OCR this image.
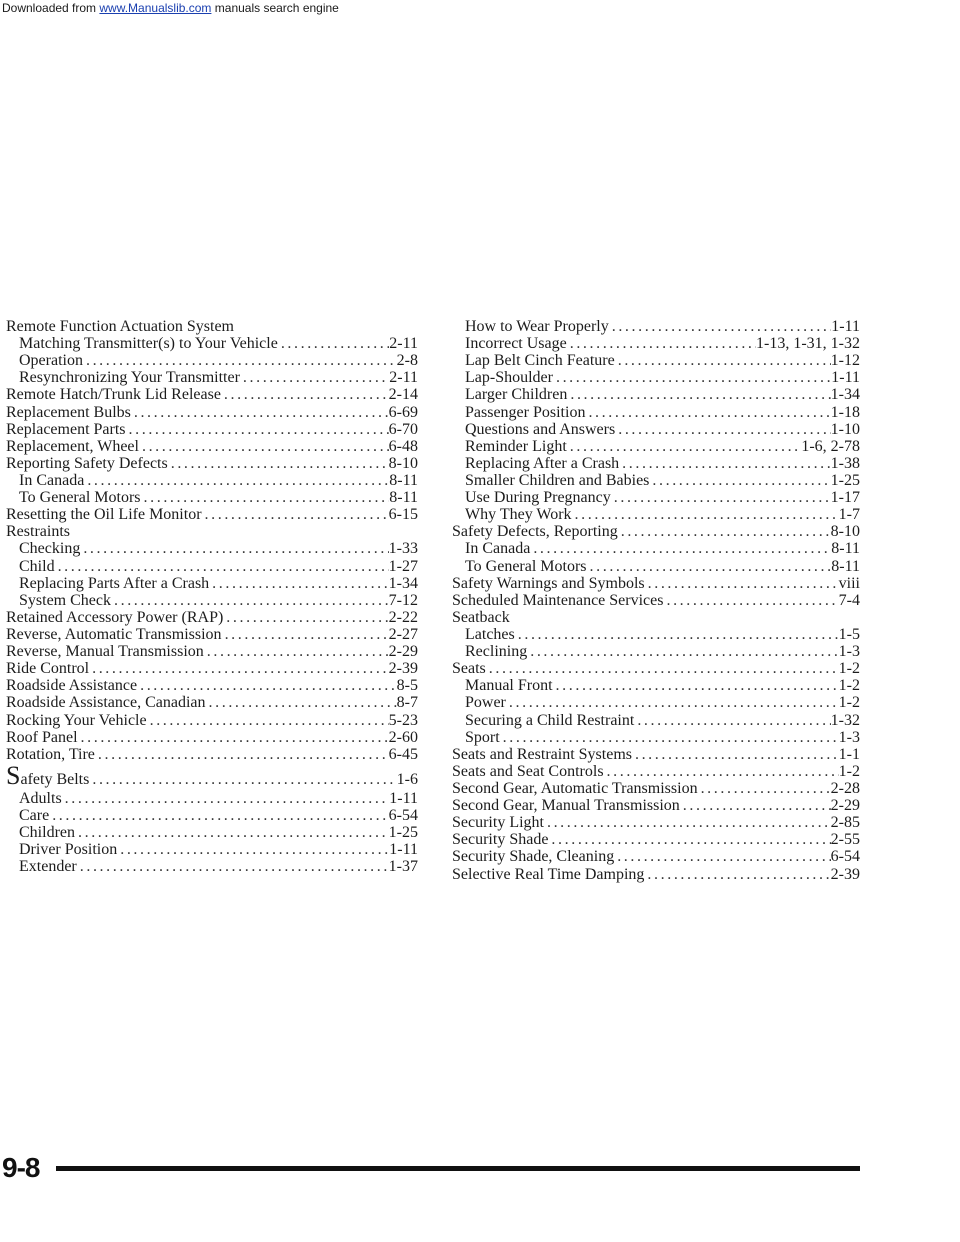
Downloaded from www.Manualslib.com manuals search engine
Remote Function Actuation System
Matching Transmitter(s) to Your Vehicle .....	2-11
Operation .....	2-8
Resynchronizing Your Transmitter .....	2-11
Remote Hatch/Trunk Lid Release .....	2-14
Replacement Bulbs .....	6-69
Replacement Parts .....	6-70
Replacement, Wheel .....	6-48
Reporting Safety Defects .....	8-10
In Canada .....	8-11
To General Motors .....	8-11
Resetting the Oil Life Monitor .....	6-15
Restraints
Checking .....	1-33
Child .....	1-27
Replacing Parts After a Crash .....	1-34
System Check .....	7-12
Retained Accessory Power (RAP) .....	2-22
Reverse, Automatic Transmission .....	2-27
Reverse, Manual Transmission .....	2-29
Ride Control .....	2-39
Roadside Assistance .....	8-5
Roadside Assistance, Canadian .....	8-7
Rocking Your Vehicle .....	5-23
Roof Panel .....	2-60
Rotation, Tire .....	6-45
Safety Belts .....	1-6
Adults .....	1-11
Care .....	6-54
Children .....	1-25
Driver Position .....	1-11
Extender .....	1-37
How to Wear Properly .....	1-11
Incorrect Usage .....	1-13, 1-31, 1-32
Lap Belt Cinch Feature .....	1-12
Lap-Shoulder .....	1-11
Larger Children .....	1-34
Passenger Position .....	1-18
Questions and Answers .....	1-10
Reminder Light .....	1-6, 2-78
Replacing After a Crash .....	1-38
Smaller Children and Babies .....	1-25
Use During Pregnancy .....	1-17
Why They Work .....	1-7
Safety Defects, Reporting .....	8-10
In Canada .....	8-11
To General Motors .....	8-11
Safety Warnings and Symbols .....	viii
Scheduled Maintenance Services .....	7-4
Seatback
Latches .....	1-5
Reclining .....	1-3
Seats .....	1-2
Manual Front .....	1-2
Power .....	1-2
Securing a Child Restraint .....	1-32
Sport .....	1-3
Seats and Restraint Systems .....	1-1
Seats and Seat Controls .....	1-2
Second Gear, Automatic Transmission .....	2-28
Second Gear, Manual Transmission .....	2-29
Security Light .....	2-85
Security Shade .....	2-55
Security Shade, Cleaning .....	6-54
Selective Real Time Damping .....	2-39
9-8
